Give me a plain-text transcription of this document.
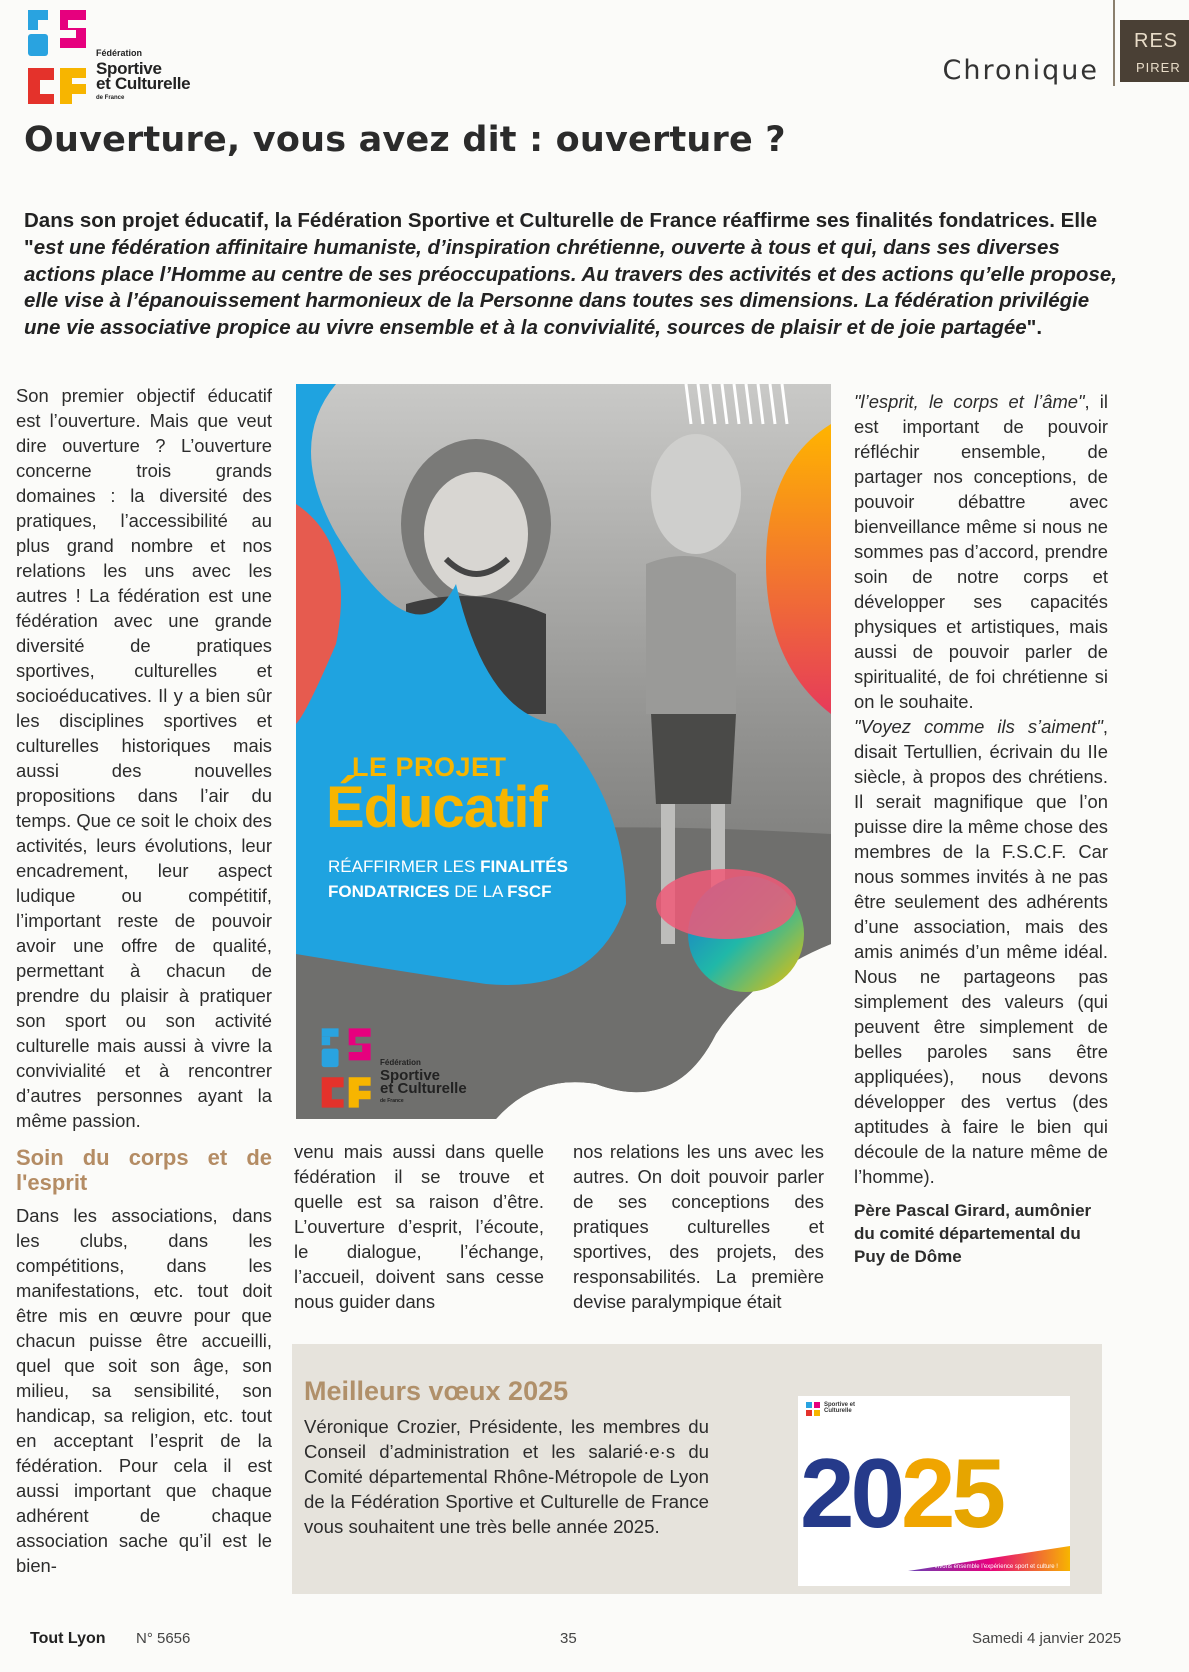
Fédération
Sportive
et Culturelle
de France
Chronique
RES
PIRER
Ouverture, vous avez dit : ouverture ?
Dans son projet éducatif, la Fédération Sportive et Culturelle de France réaffirme ses finalités fondatrices. Elle "est une fédération affinitaire humaniste, d’inspiration chrétienne, ouverte à tous et qui, dans ses diverses actions place l’Homme au centre de ses préoccupations. Au travers des activités et des actions qu’elle propose, elle vise à l’épanouissement harmonieux de la Personne dans toutes ses dimensions. La fédération privilégie une vie associative propice au vivre ensemble et à la convivialité, sources de plaisir et de joie partagée".

Son premier objectif éducatif est l’ouverture. Mais que veut dire ouverture ? L’ouverture concerne trois grands domaines : la diversité des pratiques, l’accessibilité au plus grand nombre et nos relations les uns avec les autres ! La fédération est une fédération avec une grande diversité de pratiques sportives, culturelles et socioéducatives. Il y a bien sûr les disciplines sportives et culturelles historiques mais aussi des nouvelles propositions dans l’air du temps. Que ce soit le choix des activités, leurs évolutions, leur encadrement, leur aspect ludique ou compétitif, l’important reste de pouvoir avoir une offre de qualité, permettant à chacun de prendre du plaisir à pratiquer son sport ou son activité culturelle mais aussi à vivre la convivialité et à rencontrer d’autres personnes ayant la même passion.

Soin du corps et de l'esprit

Dans les associations, dans les clubs, dans les compétitions, dans les manifestations, etc. tout doit être mis en œuvre pour que chacun puisse être accueilli, quel que soit son âge, son milieu, sa sensibilité, son handicap, sa religion, etc. tout en acceptant l’esprit de la fédération. Pour cela il est aussi important que chaque adhérent de chaque association sache qu’il est le bien-

LE PROJET
Éducatif
RÉAFFIRMER LES FINALITÉS
FONDATRICES DE LA FSCF
Fédération
Sportive
et Culturelle
de France

venu mais aussi dans quelle fédération il se trouve et quelle est sa raison d’être. L’ouverture d’esprit, l’écoute, le dialogue, l’échange, l’accueil, doivent sans cesse nous guider dans

nos relations les uns avec les autres. On doit pouvoir parler de ses conceptions des pratiques culturelles et sportives, des projets, des responsabilités. La première devise paralympique était

"l’esprit, le corps et l’âme", il est important de pouvoir réfléchir ensemble, de partager nos conceptions, de pouvoir débattre avec bienveillance même si nous ne sommes pas d’accord, prendre soin de notre corps et développer ses capacités physiques et artistiques, mais aussi de pouvoir parler de spiritualité, de foi chrétienne si on le souhaite.

"Voyez comme ils s’aiment", disait Tertullien, écrivain du IIe siècle, à propos des chrétiens. Il serait magnifique que l’on puisse dire la même chose des membres de la F.S.C.F. Car nous sommes invités à ne pas être seulement des adhérents d’une association, mais des amis animés d’un même idéal. Nous ne partageons pas simplement des valeurs (qui peuvent être simplement de belles paroles sans être appliquées), nous devons développer des vertus (des aptitudes à faire le bien qui découle de la nature même de l’homme).

Père Pascal Girard, aumônier du comité départemental du Puy de Dôme
Meilleurs vœux 2025
Véronique Crozier, Présidente, les membres du Conseil d’administration et les salarié·e·s du Comité départemental Rhône-Métropole de Lyon de la Fédération Sportive et Culturelle de France vous souhaitent une très belle année 2025.
Sportive et Culturelle
2025
Vivons ensemble l’expérience sport et culture !
Tout Lyon N° 5656	35	Samedi 4 janvier 2025
